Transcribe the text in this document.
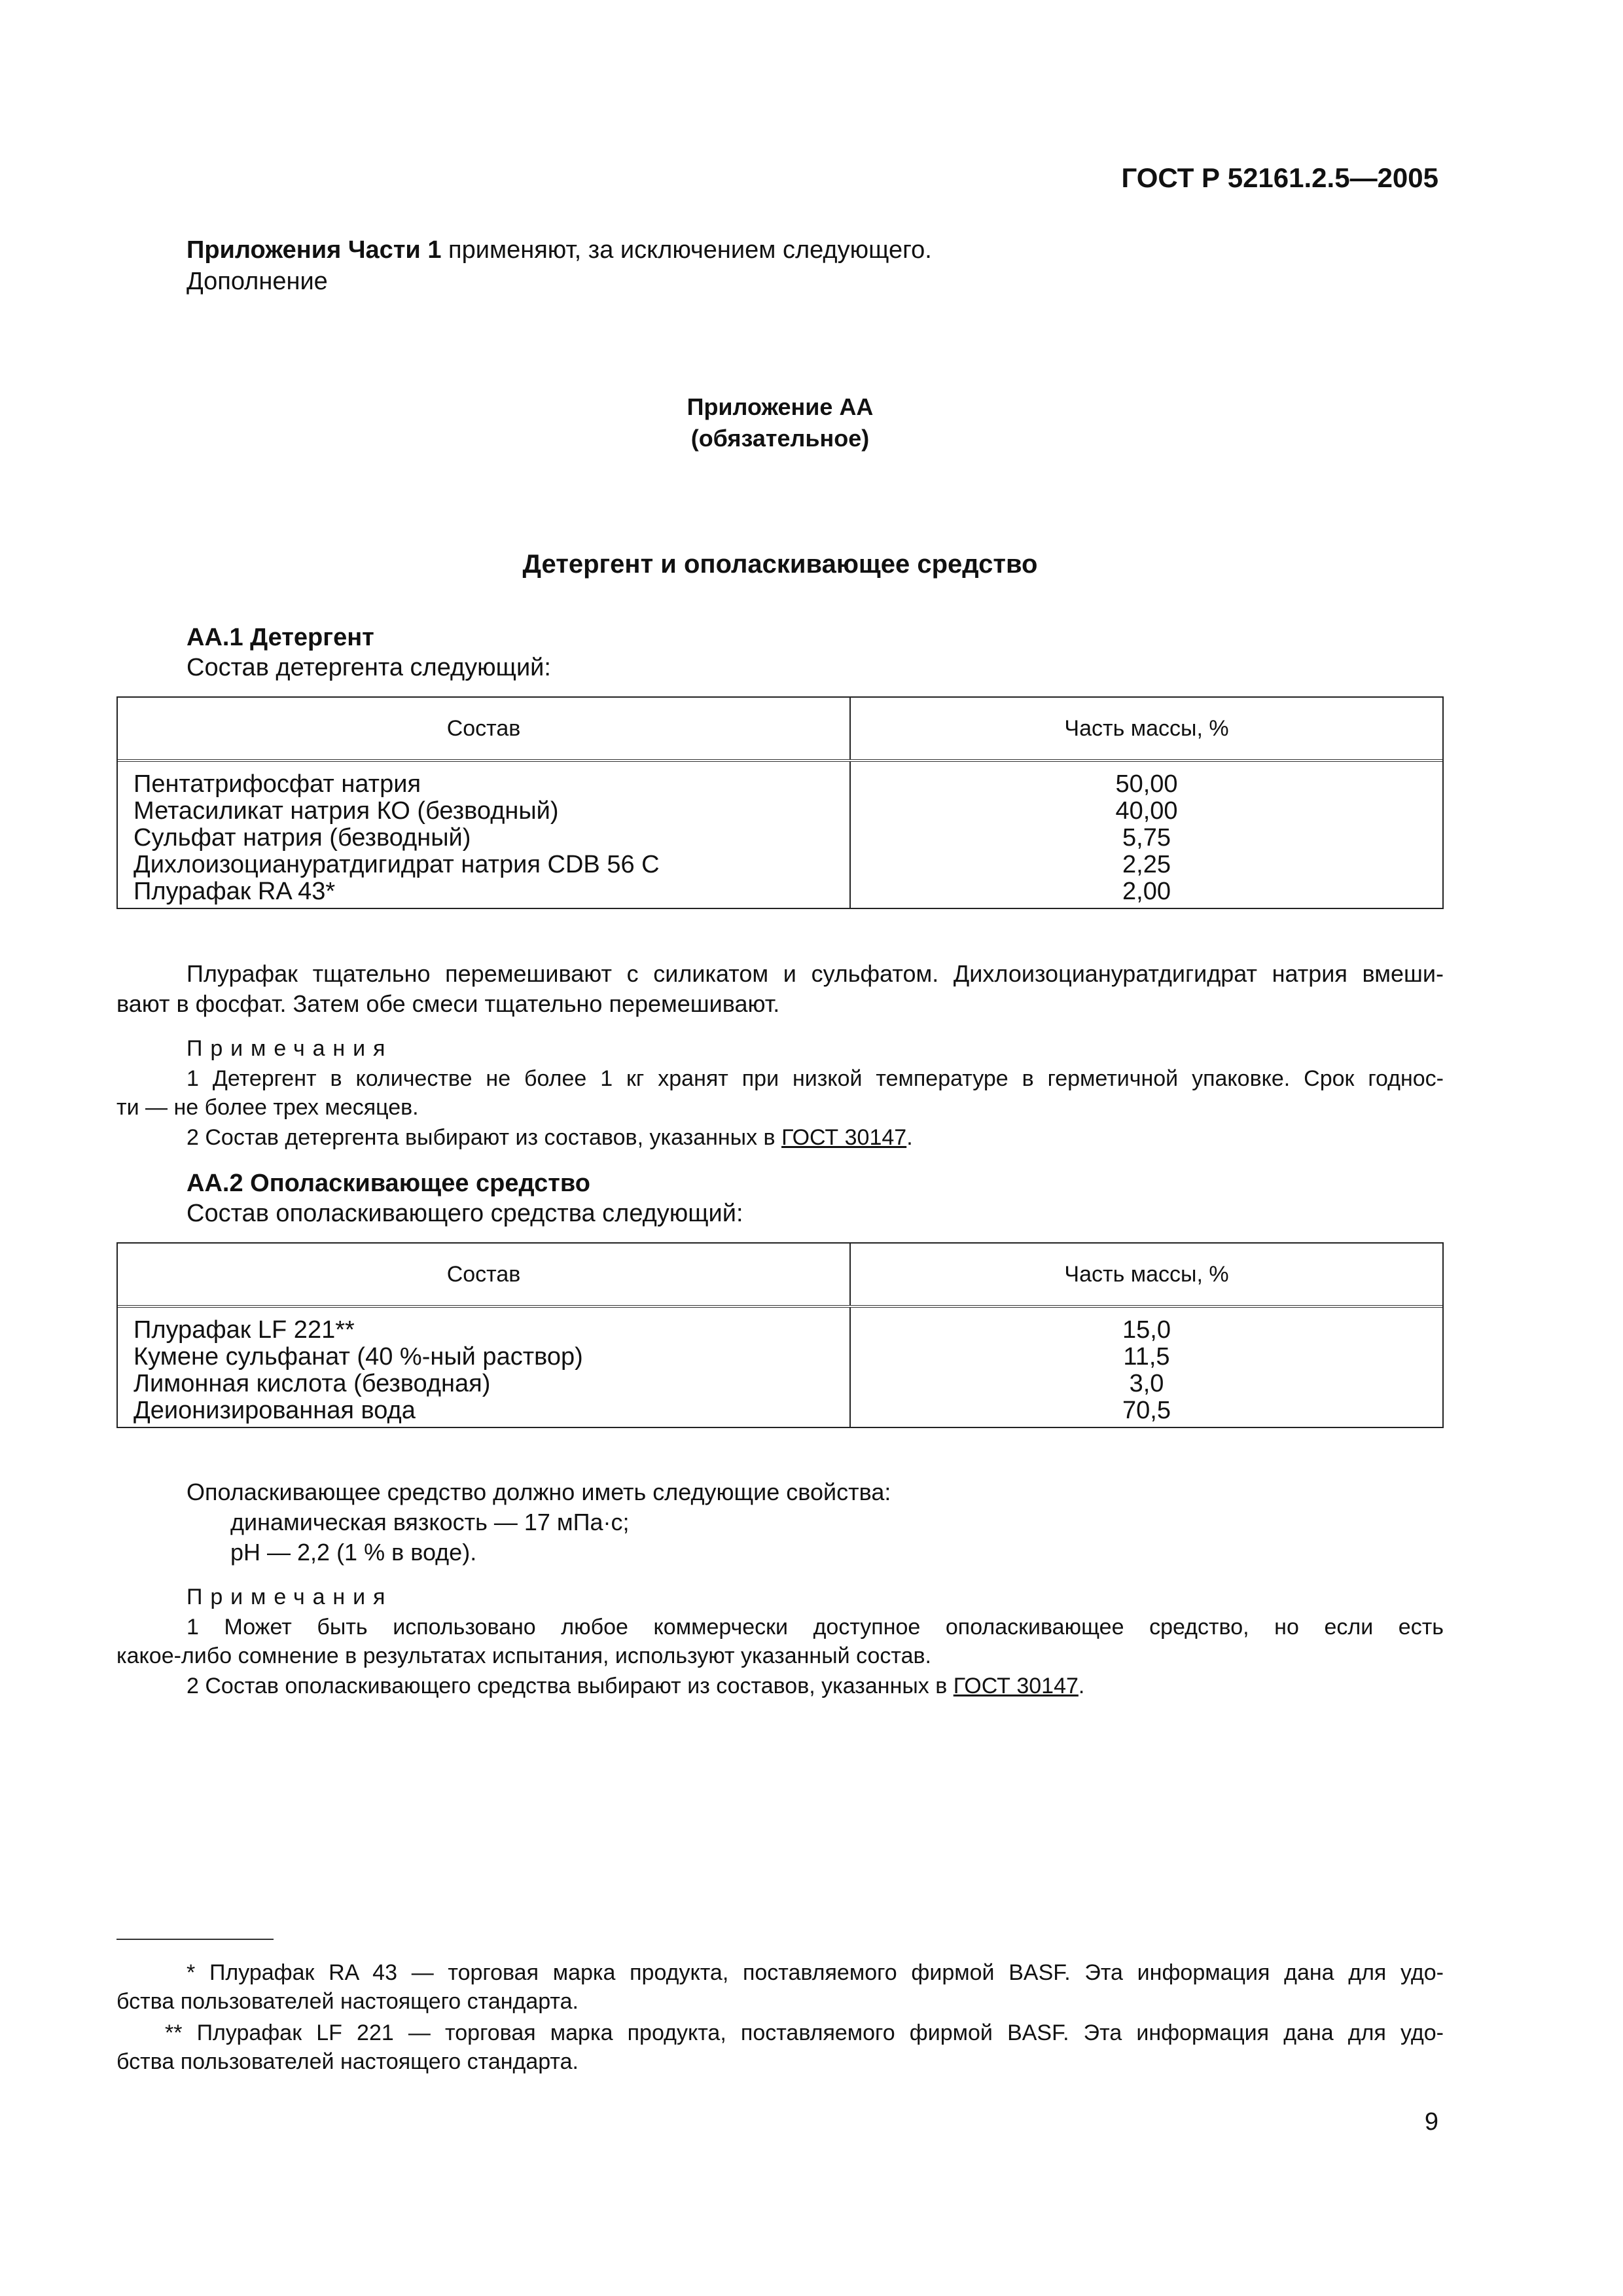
ГОСТ Р 52161.2.5—2005
Приложения Части 1 применяют, за исключением следующего.
Дополнение
Приложение АА
(обязательное)
Детергент и ополаскивающее средство
АА.1 Детергент
Состав детергента следующий:
Состав	Часть массы, %
Пентатрифосфат натрия
Метасиликат натрия КО (безводный)
Сульфат натрия (безводный)
Дихлоизоциануратдигидрат натрия CDB 56 C
Плурафак RA 43*
50,00
40,00
5,75
2,25
2,00
Плурафак тщательно перемешивают с силикатом и сульфатом. Дихлоизоциануратдигидрат натрия вмеши-
вают в фосфат. Затем обе смеси тщательно перемешивают.
Примечания
1 Детергент в количестве не более 1 кг хранят при низкой температуре в герметичной упаковке. Срок годнос-
ти — не более трех месяцев.
2 Состав детергента выбирают из составов, указанных в ГОСТ 30147.
АА.2 Ополаскивающее средство
Состав ополаскивающего средства следующий:
Состав	Часть массы, %
Плурафак LF 221**
Кумене сульфанат (40 %-ный раствор)
Лимонная кислота (безводная)
Деионизированная вода
15,0
11,5
3,0
70,5
Ополаскивающее средство должно иметь следующие свойства:
динамическая вязкость — 17 мПа·с;
pH — 2,2 (1 % в воде).
Примечания
1 Может быть использовано любое коммерчески доступное ополаскивающее средство, но если есть
какое-либо сомнение в результатах испытания, используют указанный состав.
2 Состав ополаскивающего средства выбирают из составов, указанных в ГОСТ 30147.
* Плурафак RA 43 — торговая марка продукта, поставляемого фирмой BASF. Эта информация дана для удо-
бства пользователей настоящего стандарта.
** Плурафак LF 221 — торговая марка продукта, поставляемого фирмой BASF. Эта информация дана для удо-
бства пользователей настоящего стандарта.
9
